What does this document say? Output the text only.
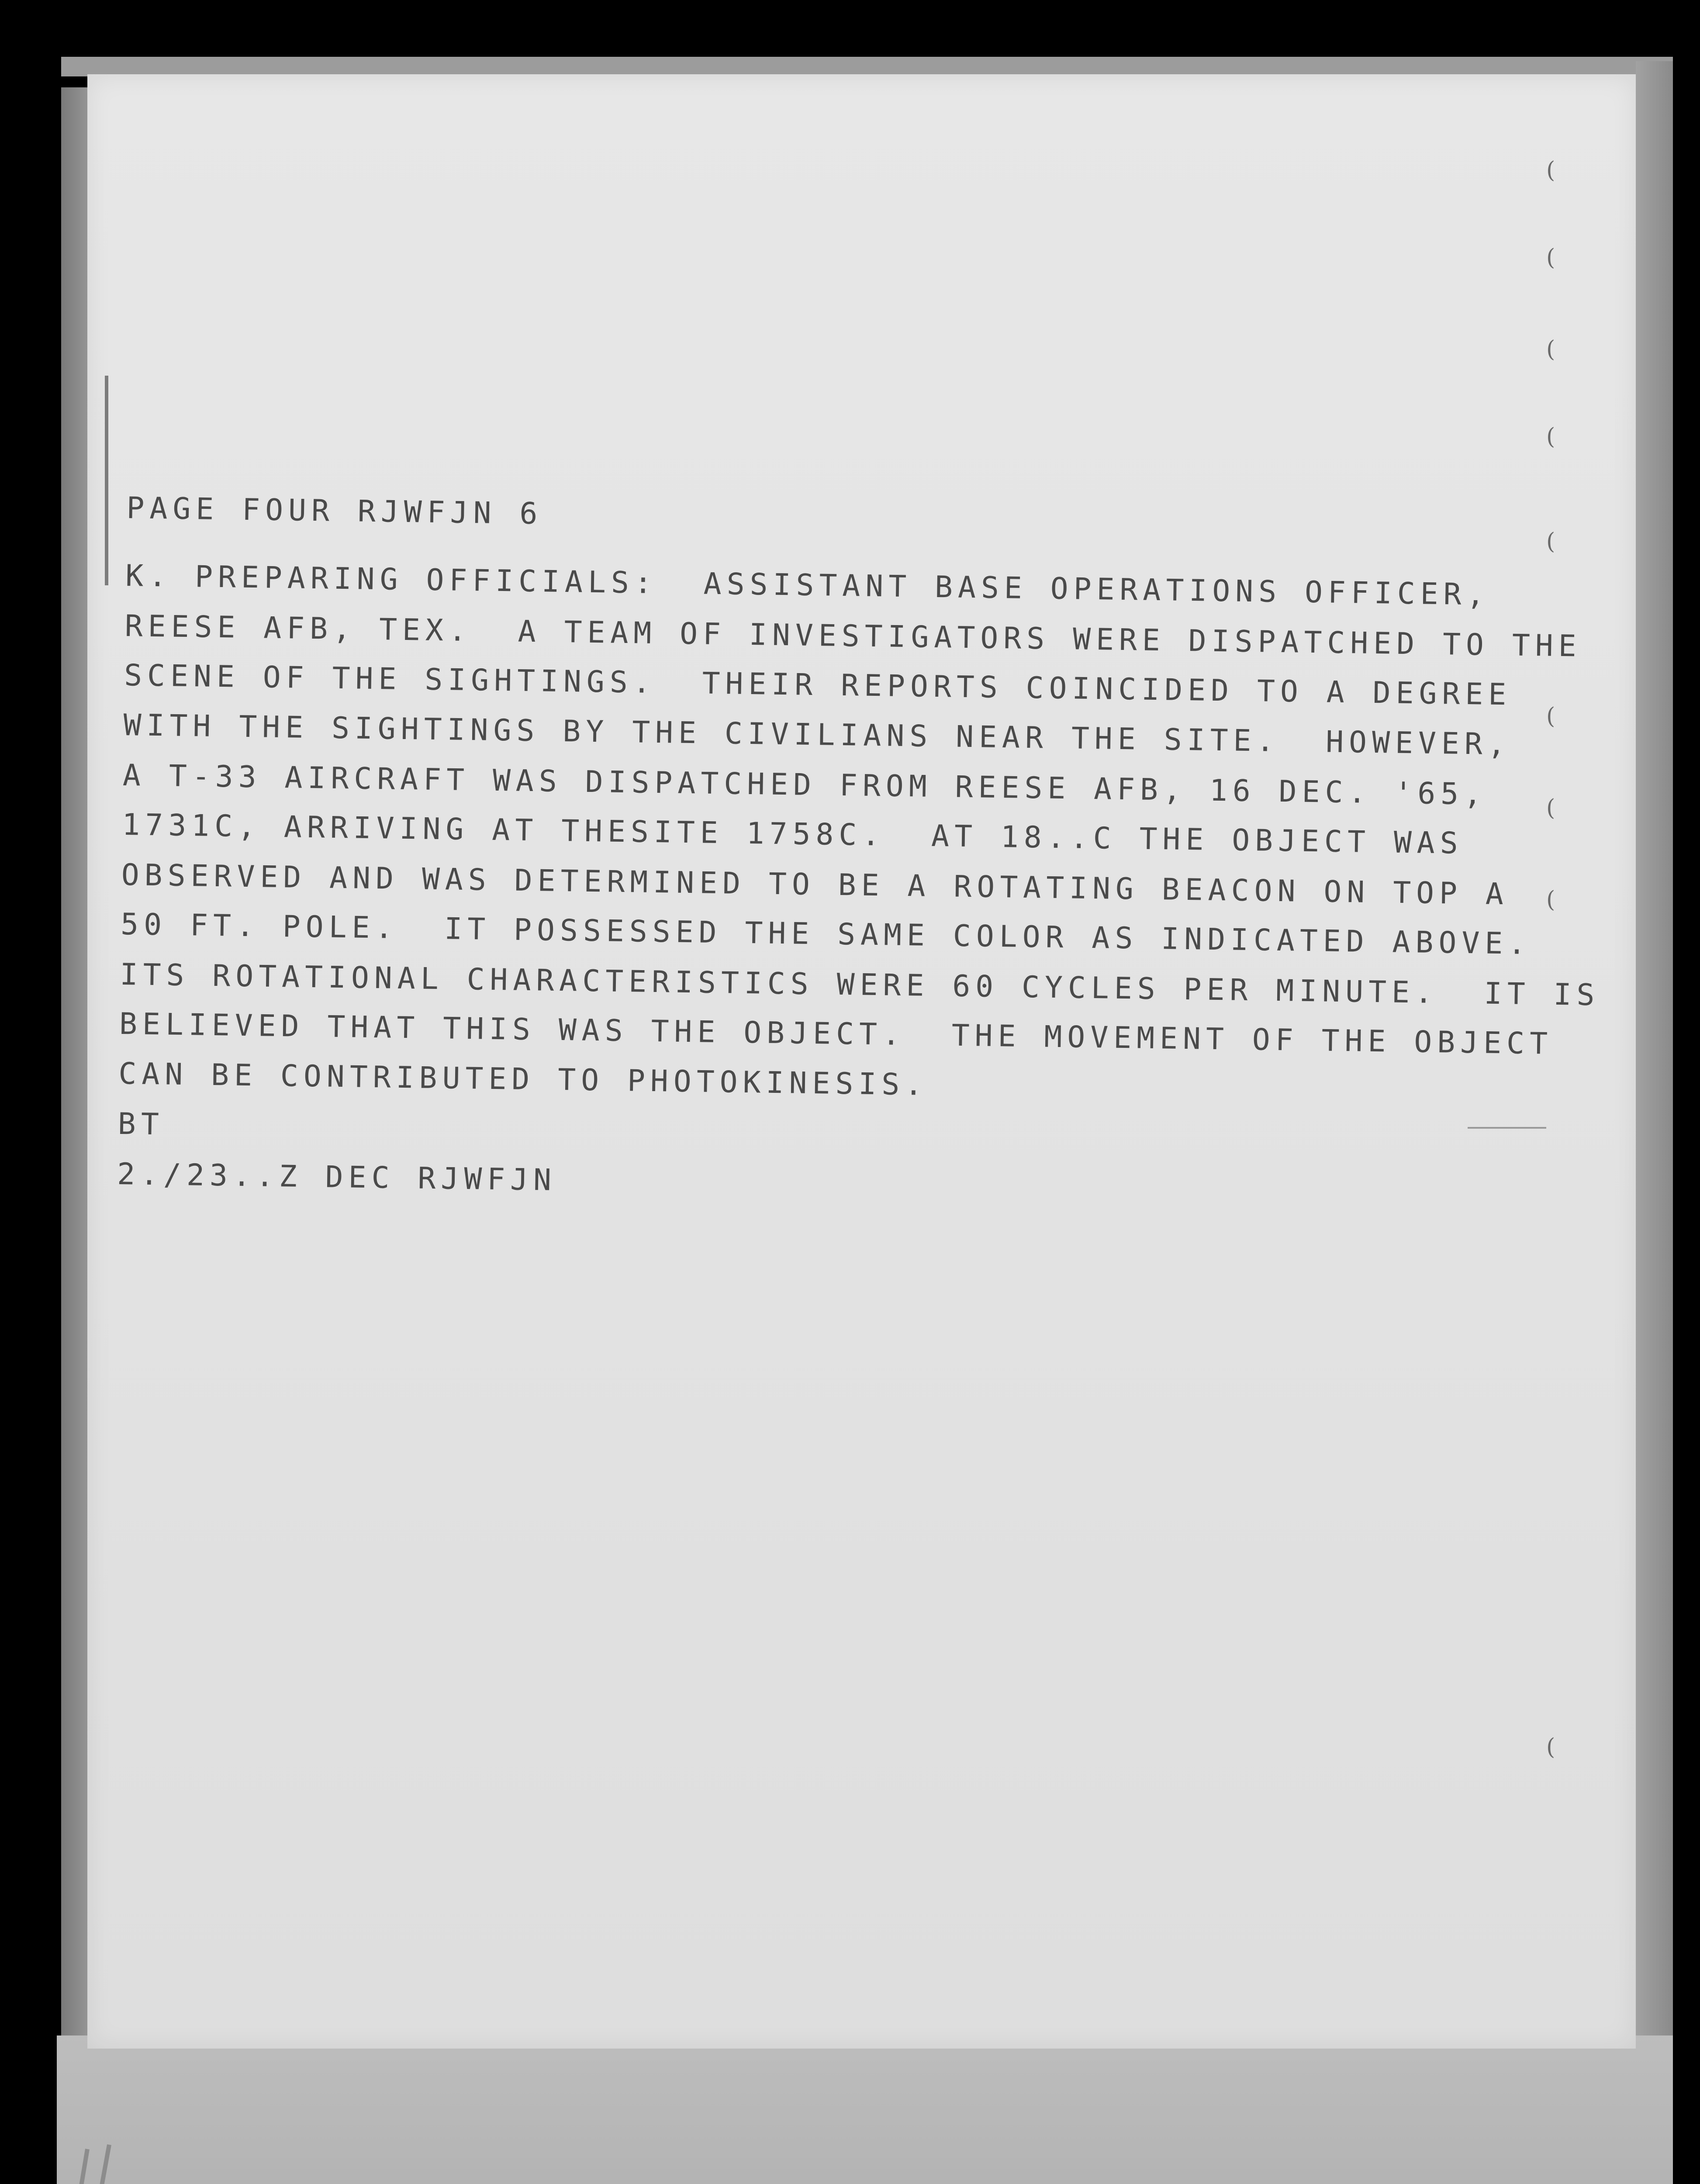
(
(
(
(
(
(
(
(
(
PAGE FOUR RJWFJN 6
K. PREPARING OFFICIALS:  ASSISTANT BASE OPERATIONS OFFICER,
REESE AFB, TEX.  A TEAM OF INVESTIGATORS WERE DISPATCHED TO THE
SCENE OF THE SIGHTINGS.  THEIR REPORTS COINCIDED TO A DEGREE
WITH THE SIGHTINGS BY THE CIVILIANS NEAR THE SITE.  HOWEVER,
A T-33 AIRCRAFT WAS DISPATCHED FROM REESE AFB, 16 DEC. '65,
1731C, ARRIVING AT THESITE 1758C.  AT 18..C THE OBJECT WAS
OBSERVED AND WAS DETERMINED TO BE A ROTATING BEACON ON TOP A
50 FT. POLE.  IT POSSESSED THE SAME COLOR AS INDICATED ABOVE.
ITS ROTATIONAL CHARACTERISTICS WERE 60 CYCLES PER MINUTE.  IT IS
BELIEVED THAT THIS WAS THE OBJECT.  THE MOVEMENT OF THE OBJECT
CAN BE CONTRIBUTED TO PHOTOKINESIS.
BT
2./23..Z DEC RJWFJN
